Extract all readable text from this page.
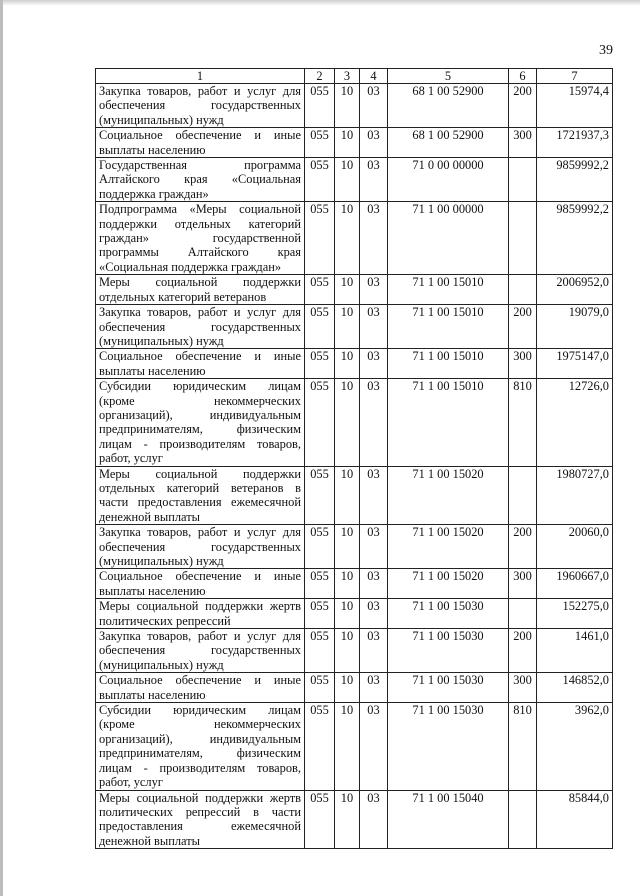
39
1	2	3	4	5	6	7
Закупка товаров, работ и услуг для обеспечения государственных (муниципальных) нужд	055	10	03	68 1 00 52900	200	15974,4
Социальное обеспечение и иные выплаты населению	055	10	03	68 1 00 52900	300	1721937,3
Государственная программа Алтайского края «Социальная поддержка граждан»	055	10	03	71 0 00 00000		9859992,2
Подпрограмма «Меры социальной поддержки отдельных категорий граждан» государственной программы Алтайского края «Социальная поддержка граждан»	055	10	03	71 1 00 00000		9859992,2
Меры социальной поддержки отдельных категорий ветеранов	055	10	03	71 1 00 15010		2006952,0
Закупка товаров, работ и услуг для обеспечения государственных (муниципальных) нужд	055	10	03	71 1 00 15010	200	19079,0
Социальное обеспечение и иные выплаты населению	055	10	03	71 1 00 15010	300	1975147,0
Субсидии юридическим лицам (кроме некоммерческих организаций), индивидуальным предпринимателям, физическим лицам - производителям товаров, работ, услуг	055	10	03	71 1 00 15010	810	12726,0
Меры социальной поддержки отдельных категорий ветеранов в части предоставления ежемесячной денежной выплаты	055	10	03	71 1 00 15020		1980727,0
Закупка товаров, работ и услуг для обеспечения государственных (муниципальных) нужд	055	10	03	71 1 00 15020	200	20060,0
Социальное обеспечение и иные выплаты населению	055	10	03	71 1 00 15020	300	1960667,0
Меры социальной поддержки жертв политических репрессий	055	10	03	71 1 00 15030		152275,0
Закупка товаров, работ и услуг для обеспечения государственных (муниципальных) нужд	055	10	03	71 1 00 15030	200	1461,0
Социальное обеспечение и иные выплаты населению	055	10	03	71 1 00 15030	300	146852,0
Субсидии юридическим лицам (кроме некоммерческих организаций), индивидуальным предпринимателям, физическим лицам - производителям товаров, работ, услуг	055	10	03	71 1 00 15030	810	3962,0
Меры социальной поддержки жертв политических репрессий в части предоставления ежемесячной денежной выплаты	055	10	03	71 1 00 15040		85844,0
